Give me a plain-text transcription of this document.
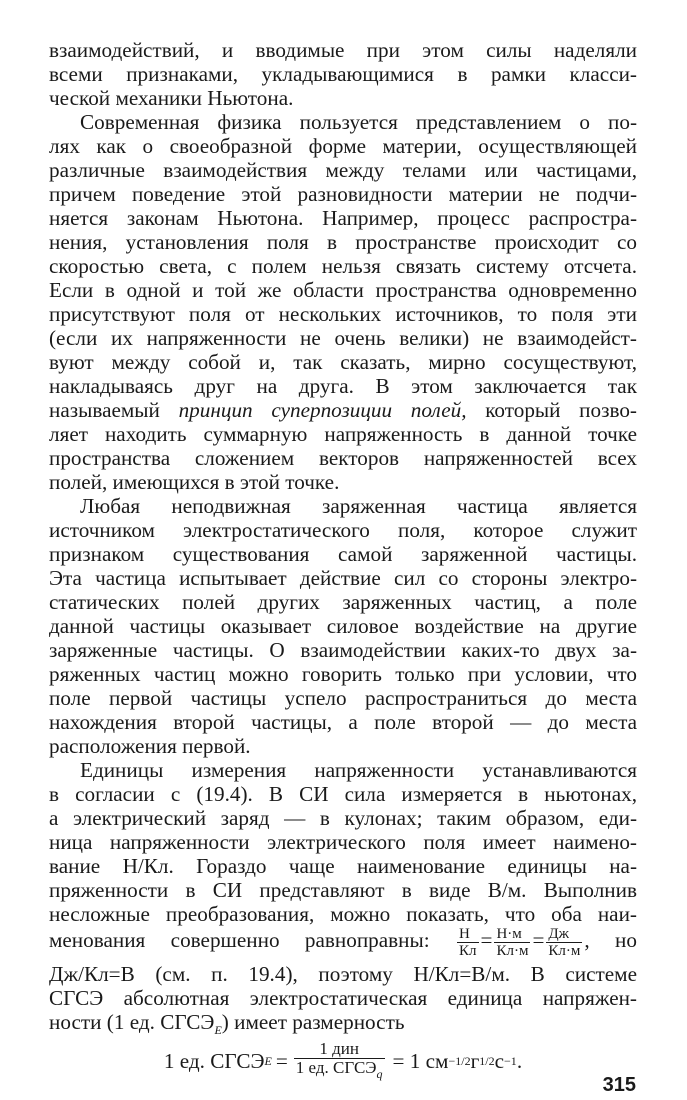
взаимодействий, и вводимые при этом силы наделяли
всеми признаками, укладывающимися в рамки класси-
ческой механики Ньютона.
Современная физика пользуется представлением о по-
лях как о своеобразной форме материи, осуществляющей
различные взаимодействия между телами или частицами,
причем поведение этой разновидности материи не подчи-
няется законам Ньютона. Например, процесс распростра-
нения, установления поля в пространстве происходит со
скоростью света, с полем нельзя связать систему отсчета.
Если в одной и той же области пространства одновременно
присутствуют поля от нескольких источников, то поля эти
(если их напряженности не очень велики) не взаимодейст-
вуют между собой и, так сказать, мирно сосуществуют,
накладываясь друг на друга. В этом заключается так
называемый принцип суперпозиции полей, который позво-
ляет находить суммарную напряженность в данной точке
пространства сложением векторов напряженностей всех
полей, имеющихся в этой точке.
Любая неподвижная заряженная частица является
источником электростатического поля, которое служит
признаком существования самой заряженной частицы.
Эта частица испытывает действие сил со стороны электро-
статических полей других заряженных частиц, а поле
данной частицы оказывает силовое воздействие на другие
заряженные частицы. О взаимодействии каких-то двух за-
ряженных частиц можно говорить только при условии, что
поле первой частицы успело распространиться до места
нахождения второй частицы, а поле второй — до места
расположения первой.
Единицы измерения напряженности устанавливаются
в согласии с (19.4). В СИ сила измеряется в ньютонах,
а электрический заряд — в кулонах; таким образом, еди-
ница напряженности электрического поля имеет наимено-
вание Н/Кл. Гораздо чаще наименование единицы на-
пряженности в СИ представляют в виде В/м. Выполнив
несложные преобразования, можно показать, что оба наи-
менования совершенно равноправны: $\frac{Н}{Кл} = \frac{Н\cdot м}{Кл\cdot м} = \frac{Дж}{Кл\cdot м}$ , но
Дж/Кл=В (см. п. 19.4), поэтому Н/Кл=В/м. В системе
СГСЭ абсолютная электростатическая единица напряжен-
ности (1 ед. $СГСЭ_E$) имеет размерность
1 ед. СГСЭ $E = \frac{\text{1 дин}}{1 ед. СГСЭ_q} = 1$ см −1/2 г 1/2 с −1 .
315
